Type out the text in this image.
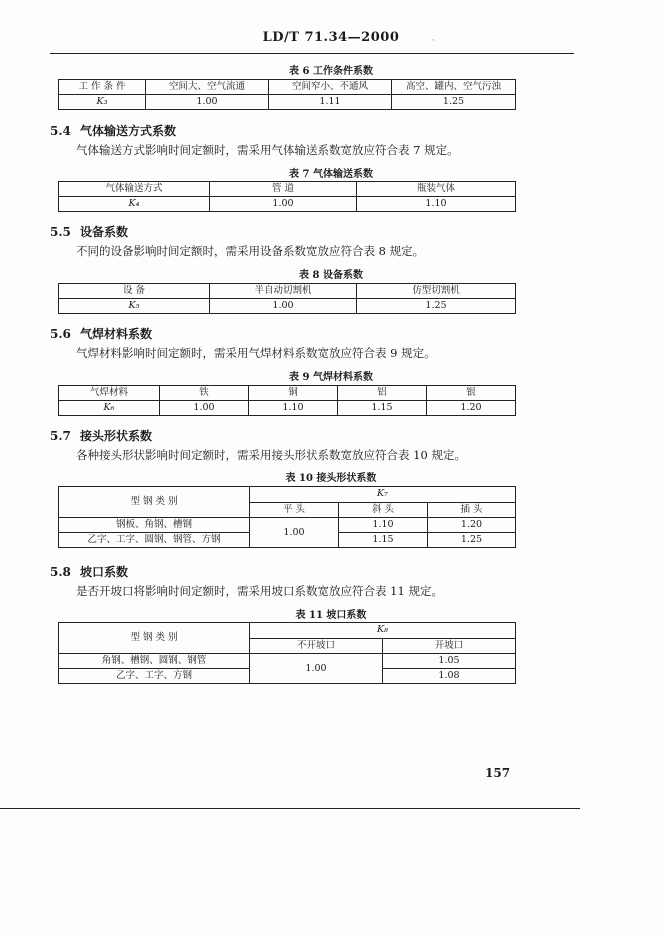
LD/T 71.34—2000	·
表 6 工作条件系数
工 作 条 件	空间大、空气流通	空间窄小、不通风	高空、罐内、空气污浊
K₃	1.00	1.11	1.25
5.4 气体输送方式系数
气体输送方式影响时间定额时，需采用气体输送系数宽放应符合表 7 规定。
表 7 气体输送系数
气体输送方式	管 道	瓶装气体
K₄	1.00	1.10
5.5 设备系数
不同的设备影响时间定额时，需采用设备系数宽放应符合表 8 规定。
表 8 设备系数
设 备	半自动切割机	仿型切割机
K₅	1.00	1.25
5.6 气焊材料系数
气焊材料影响时间定额时，需采用气焊材料系数宽放应符合表 9 规定。
表 9 气焊材料系数
气焊材料	铁	铜	铝	银
K₆	1.00	1.10	1.15	1.20
5.7 接头形状系数
各种接头形状影响时间定额时，需采用接头形状系数宽放应符合表 10 规定。
表 10 接头形状系数
型 钢 类 别	K₇		
	平 头	斜 头	插 头
钢板、角钢、槽钢	1.00	1.10	1.20
乙字、工字、圆钢、钢管、方钢		1.15	1.25
5.8 坡口系数
是否开坡口将影响时间定额时，需采用坡口系数宽放应符合表 11 规定。
表 11 坡口系数
型 钢 类 别	K₈	
	不开坡口	开坡口
角钢、槽钢、圆钢、钢管	1.00	1.05
乙字、工字、方钢		1.08
157
